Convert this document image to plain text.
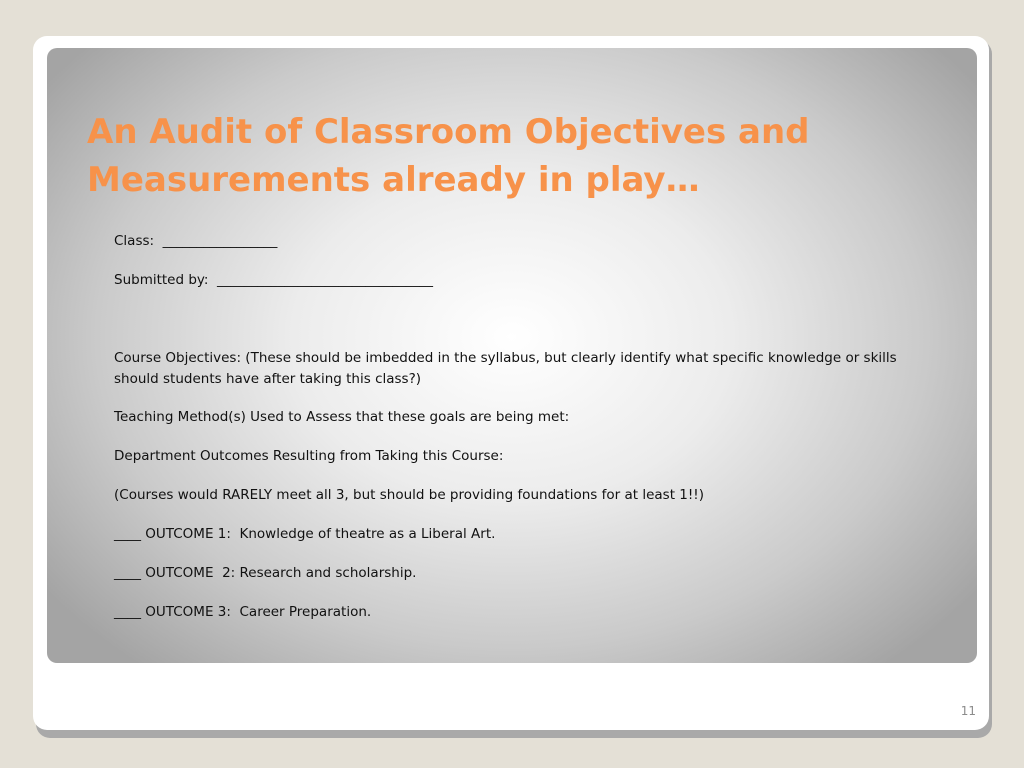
An Audit of Classroom Objectives and Measurements already in play…

Class:  _________________

Submitted by:  ________________________________

Course Objectives: (These should be imbedded in the syllabus, but clearly identify what specific knowledge or skills should students have after taking this class?)

Teaching Method(s) Used to Assess that these goals are being met:

Department Outcomes Resulting from Taking this Course:

(Courses would RARELY meet all 3, but should be providing foundations for at least 1!!)

____ OUTCOME 1:  Knowledge of theatre as a Liberal Art.

____ OUTCOME  2: Research and scholarship.

____ OUTCOME 3:  Career Preparation.

11
